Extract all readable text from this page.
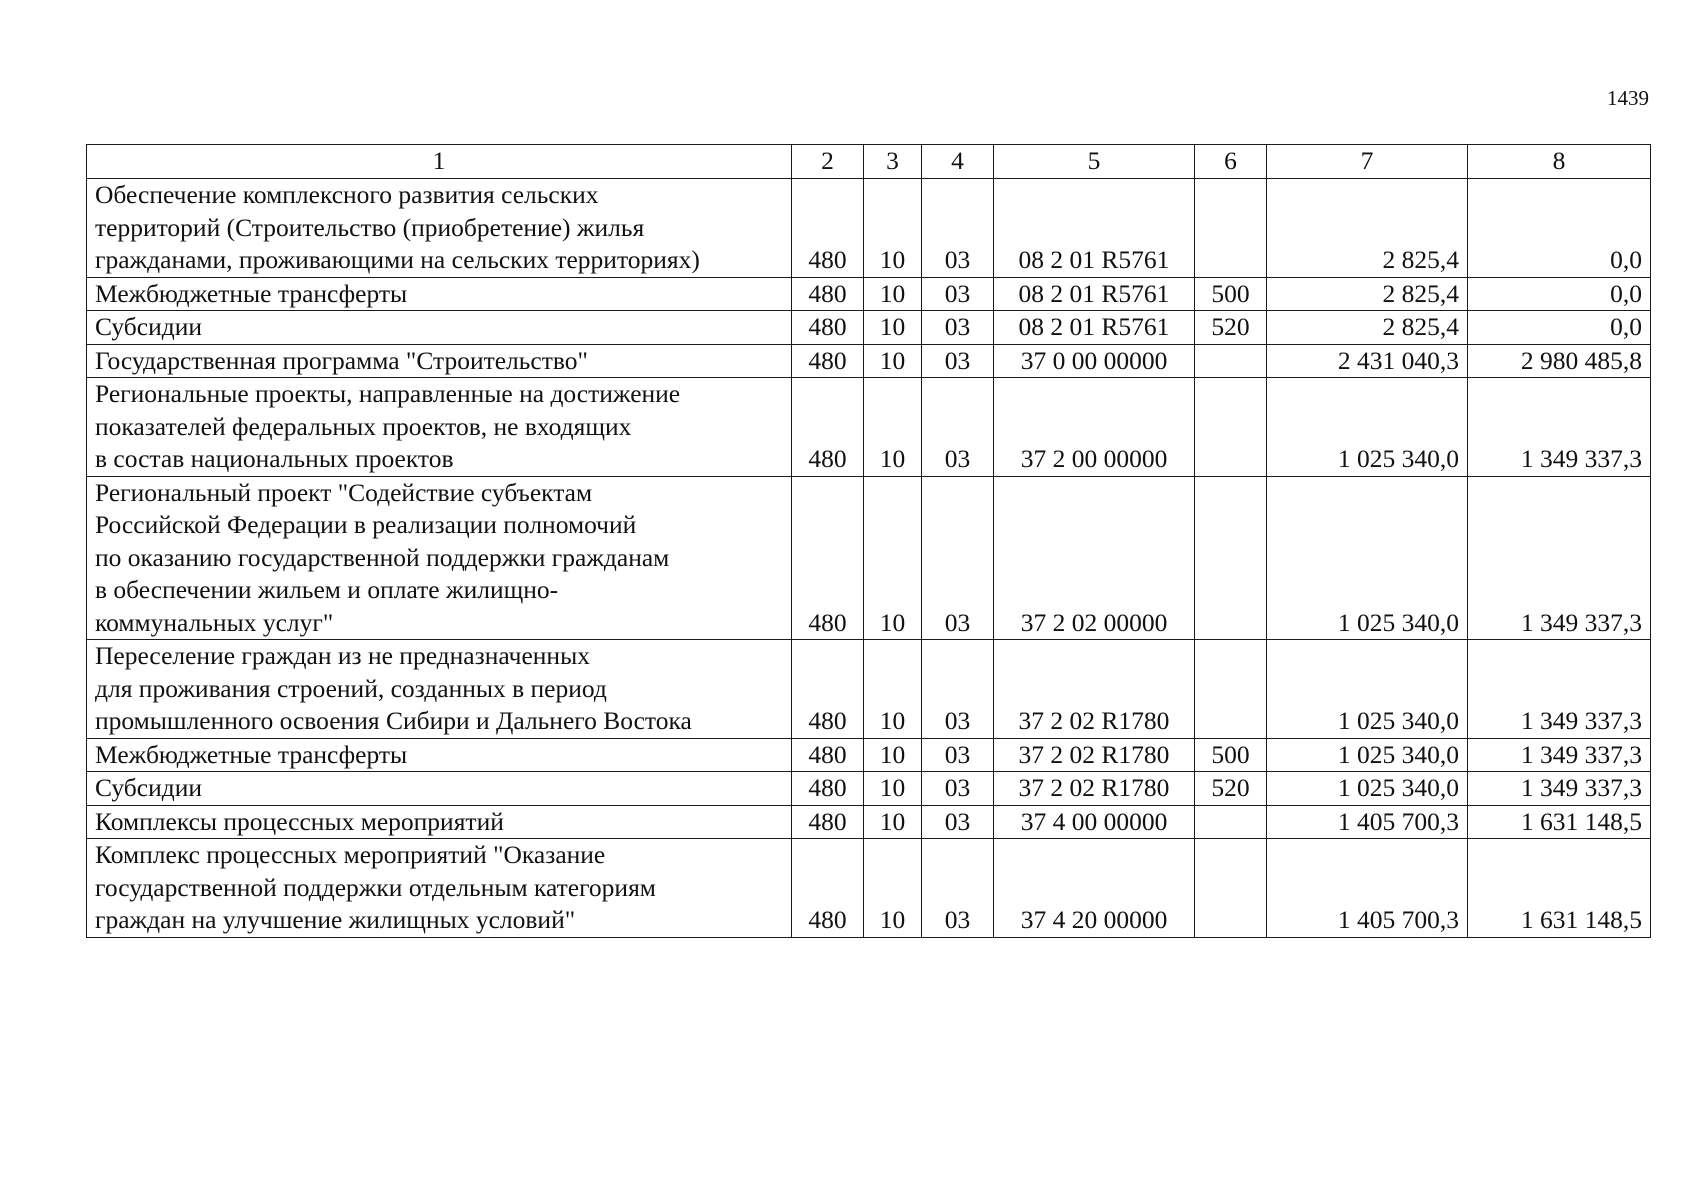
1439
1	2	3	4	5	6	7	8
Обеспечение комплексного развития сельских
территорий (Строительство (приобретение) жилья
гражданами, проживающими на сельских территориях)	480	10	03	08 2 01 R5761		2 825,4	0,0
Межбюджетные трансферты	480	10	03	08 2 01 R5761	500	2 825,4	0,0
Субсидии	480	10	03	08 2 01 R5761	520	2 825,4	0,0
Государственная программа "Строительство"	480	10	03	37 0 00 00000		2 431 040,3	2 980 485,8
Региональные проекты, направленные на достижение
показателей федеральных проектов, не входящих
в состав национальных проектов	480	10	03	37 2 00 00000		1 025 340,0	1 349 337,3
Региональный проект "Содействие субъектам
Российской Федерации в реализации полномочий
по оказанию государственной поддержки гражданам
в обеспечении жильем и оплате жилищно-
коммунальных услуг"	480	10	03	37 2 02 00000		1 025 340,0	1 349 337,3
Переселение граждан из не предназначенных
для проживания строений, созданных в период
промышленного освоения Сибири и Дальнего Востока	480	10	03	37 2 02 R1780		1 025 340,0	1 349 337,3
Межбюджетные трансферты	480	10	03	37 2 02 R1780	500	1 025 340,0	1 349 337,3
Субсидии	480	10	03	37 2 02 R1780	520	1 025 340,0	1 349 337,3
Комплексы процессных мероприятий	480	10	03	37 4 00 00000		1 405 700,3	1 631 148,5
Комплекс процессных мероприятий "Оказание
государственной поддержки отдельным категориям
граждан на улучшение жилищных условий"	480	10	03	37 4 20 00000		1 405 700,3	1 631 148,5
